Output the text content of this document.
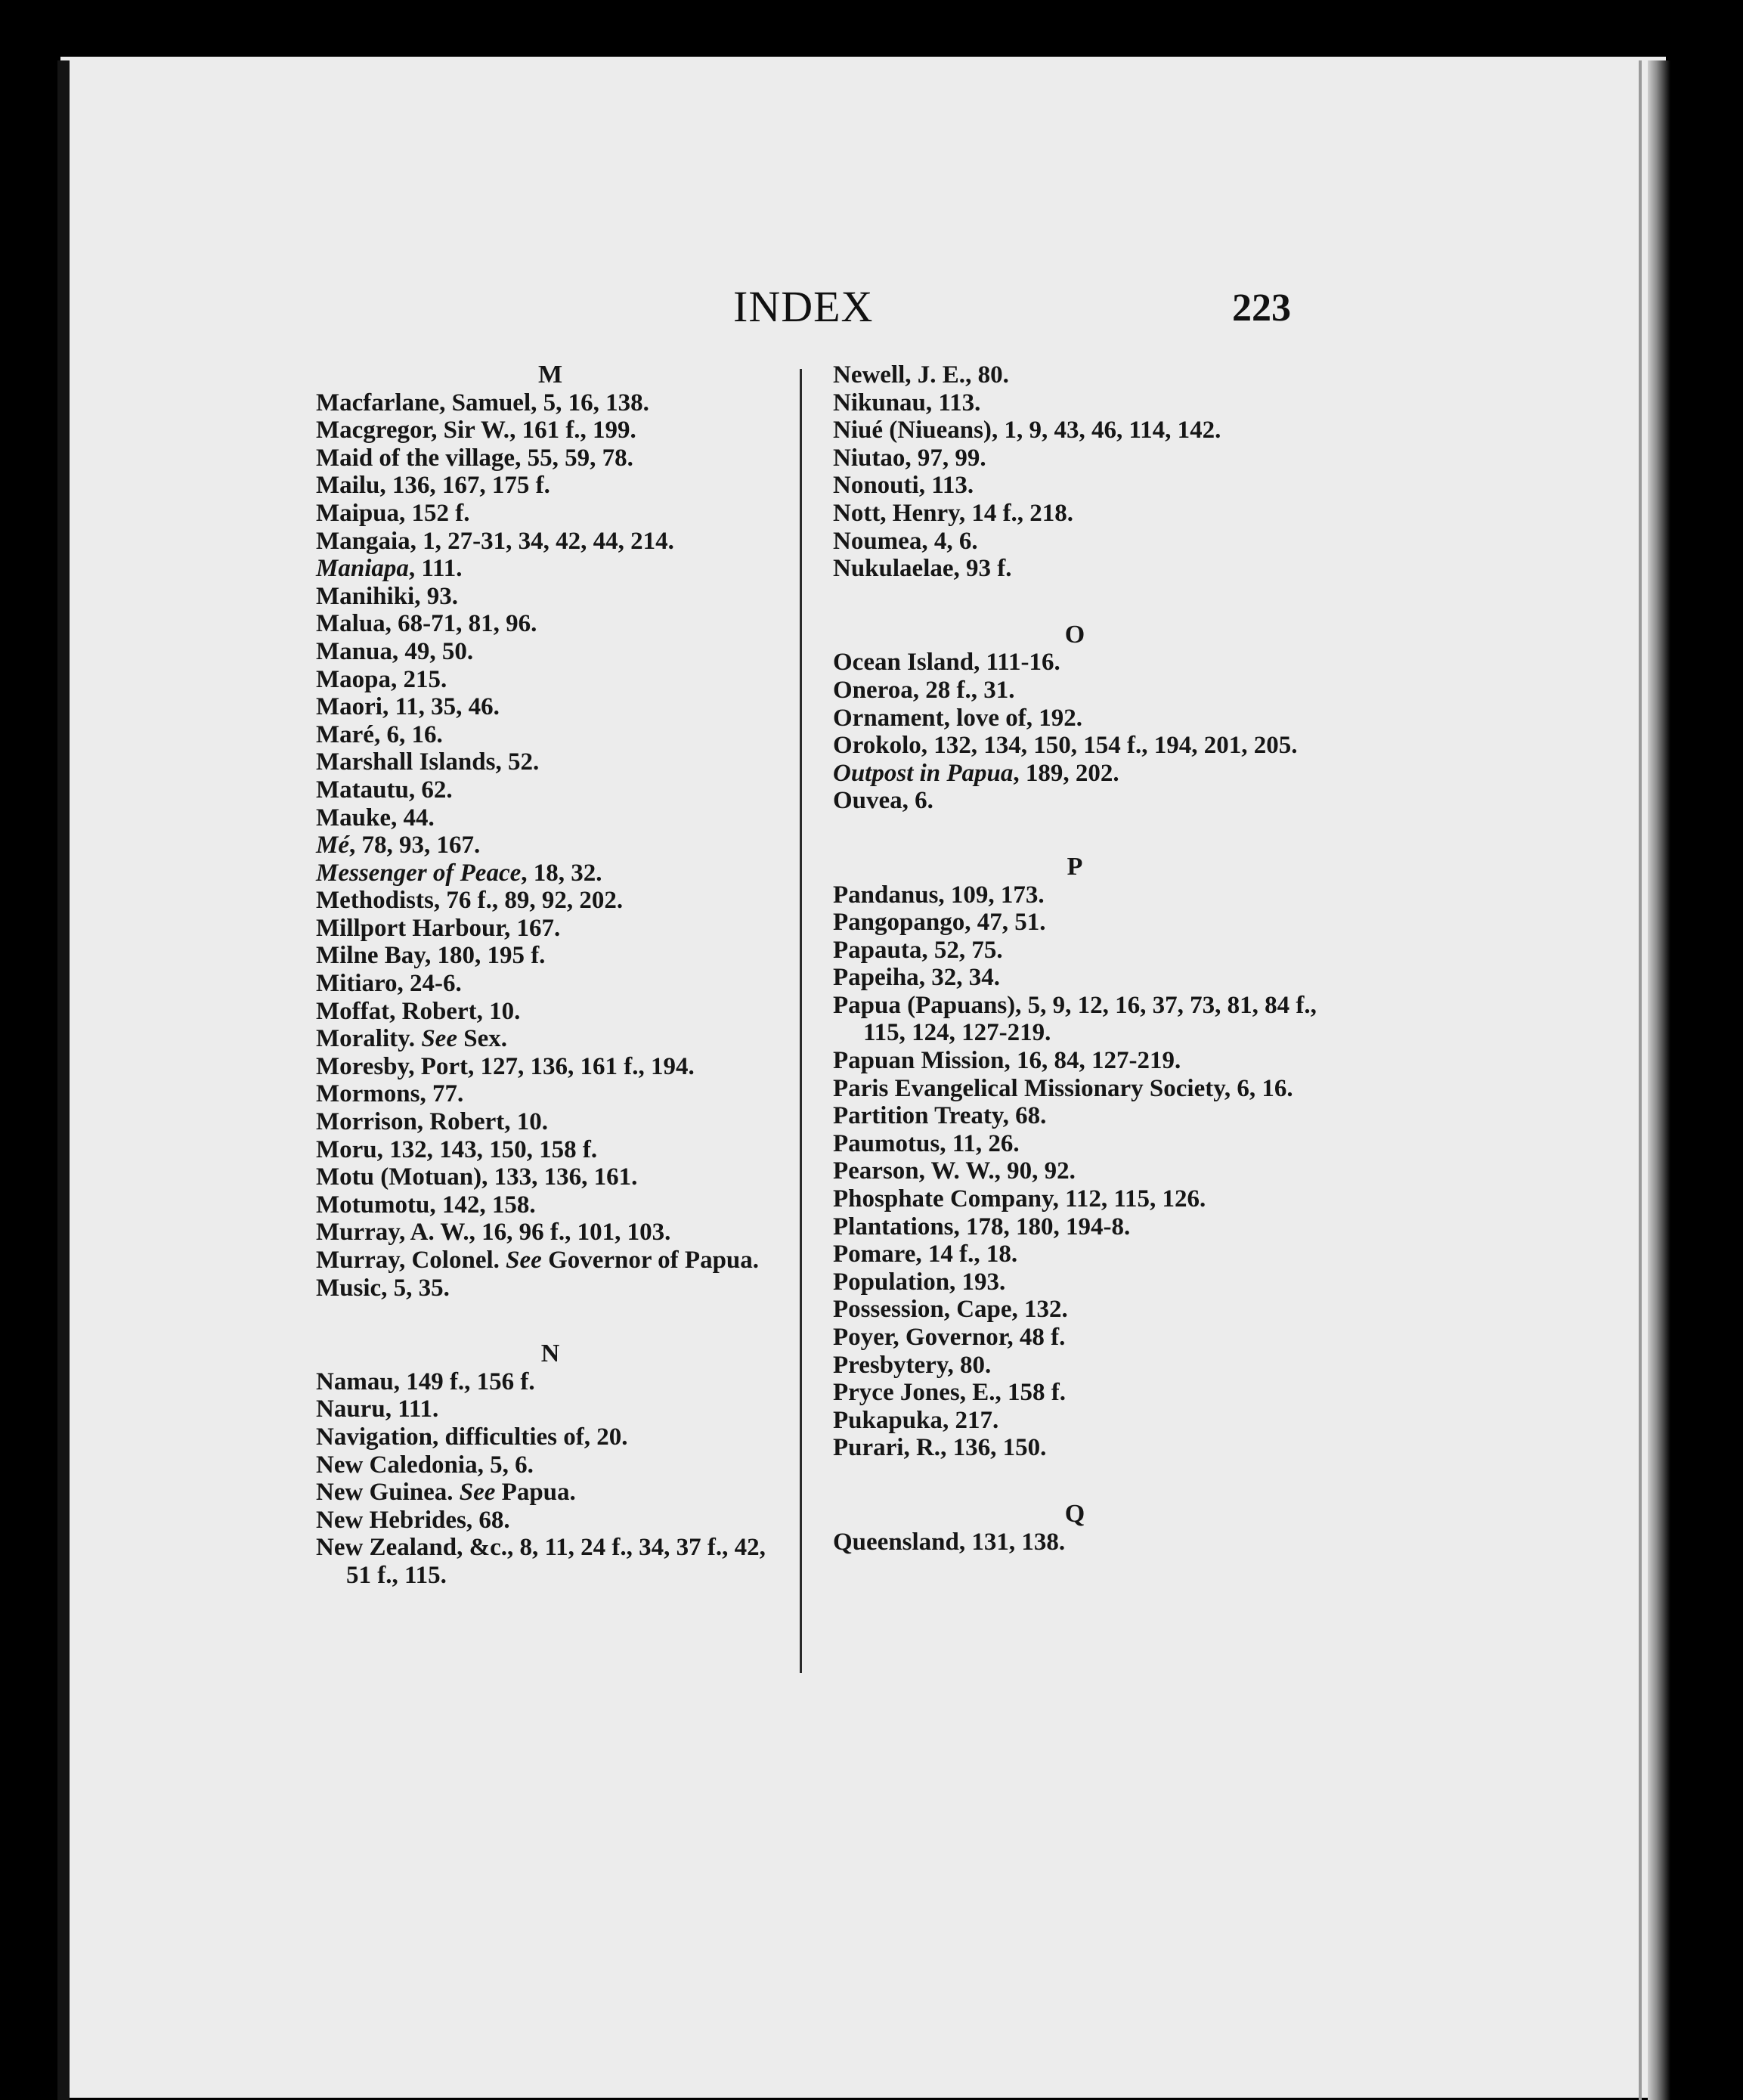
INDEX	223
M
Macfarlane, Samuel, 5, 16, 138.
Macgregor, Sir W., 161 f., 199.
Maid of the village, 55, 59, 78.
Mailu, 136, 167, 175 f.
Maipua, 152 f.
Mangaia, 1, 27-31, 34, 42, 44, 214.
Maniapa, 111.
Manihiki, 93.
Malua, 68-71, 81, 96.
Manua, 49, 50.
Maopa, 215.
Maori, 11, 35, 46.
Maré, 6, 16.
Marshall Islands, 52.
Matautu, 62.
Mauke, 44.
Mé, 78, 93, 167.
Messenger of Peace, 18, 32.
Methodists, 76 f., 89, 92, 202.
Millport Harbour, 167.
Milne Bay, 180, 195 f.
Mitiaro, 24-6.
Moffat, Robert, 10.
Morality. See Sex.
Moresby, Port, 127, 136, 161 f., 194.
Mormons, 77.
Morrison, Robert, 10.
Moru, 132, 143, 150, 158 f.
Motu (Motuan), 133, 136, 161.
Motumotu, 142, 158.
Murray, A. W., 16, 96 f., 101, 103.
Murray, Colonel. See Governor of Papua.
Music, 5, 35.
N
Namau, 149 f., 156 f.
Nauru, 111.
Navigation, difficulties of, 20.
New Caledonia, 5, 6.
New Guinea. See Papua.
New Hebrides, 68.
New Zealand, &c., 8, 11, 24 f., 34, 37 f., 42, 51 f., 115.
Newell, J. E., 80.
Nikunau, 113.
Niué (Niueans), 1, 9, 43, 46, 114, 142.
Niutao, 97, 99.
Nonouti, 113.
Nott, Henry, 14 f., 218.
Noumea, 4, 6.
Nukulaelae, 93 f.
O
Ocean Island, 111-16.
Oneroa, 28 f., 31.
Ornament, love of, 192.
Orokolo, 132, 134, 150, 154 f., 194, 201, 205.
Outpost in Papua, 189, 202.
Ouvea, 6.
P
Pandanus, 109, 173.
Pangopango, 47, 51.
Papauta, 52, 75.
Papeiha, 32, 34.
Papua (Papuans), 5, 9, 12, 16, 37, 73, 81, 84 f., 115, 124, 127-219.
Papuan Mission, 16, 84, 127-219.
Paris Evangelical Missionary Society, 6, 16.
Partition Treaty, 68.
Paumotus, 11, 26.
Pearson, W. W., 90, 92.
Phosphate Company, 112, 115, 126.
Plantations, 178, 180, 194-8.
Pomare, 14 f., 18.
Population, 193.
Possession, Cape, 132.
Poyer, Governor, 48 f.
Presbytery, 80.
Pryce Jones, E., 158 f.
Pukapuka, 217.
Purari, R., 136, 150.
Q
Queensland, 131, 138.
